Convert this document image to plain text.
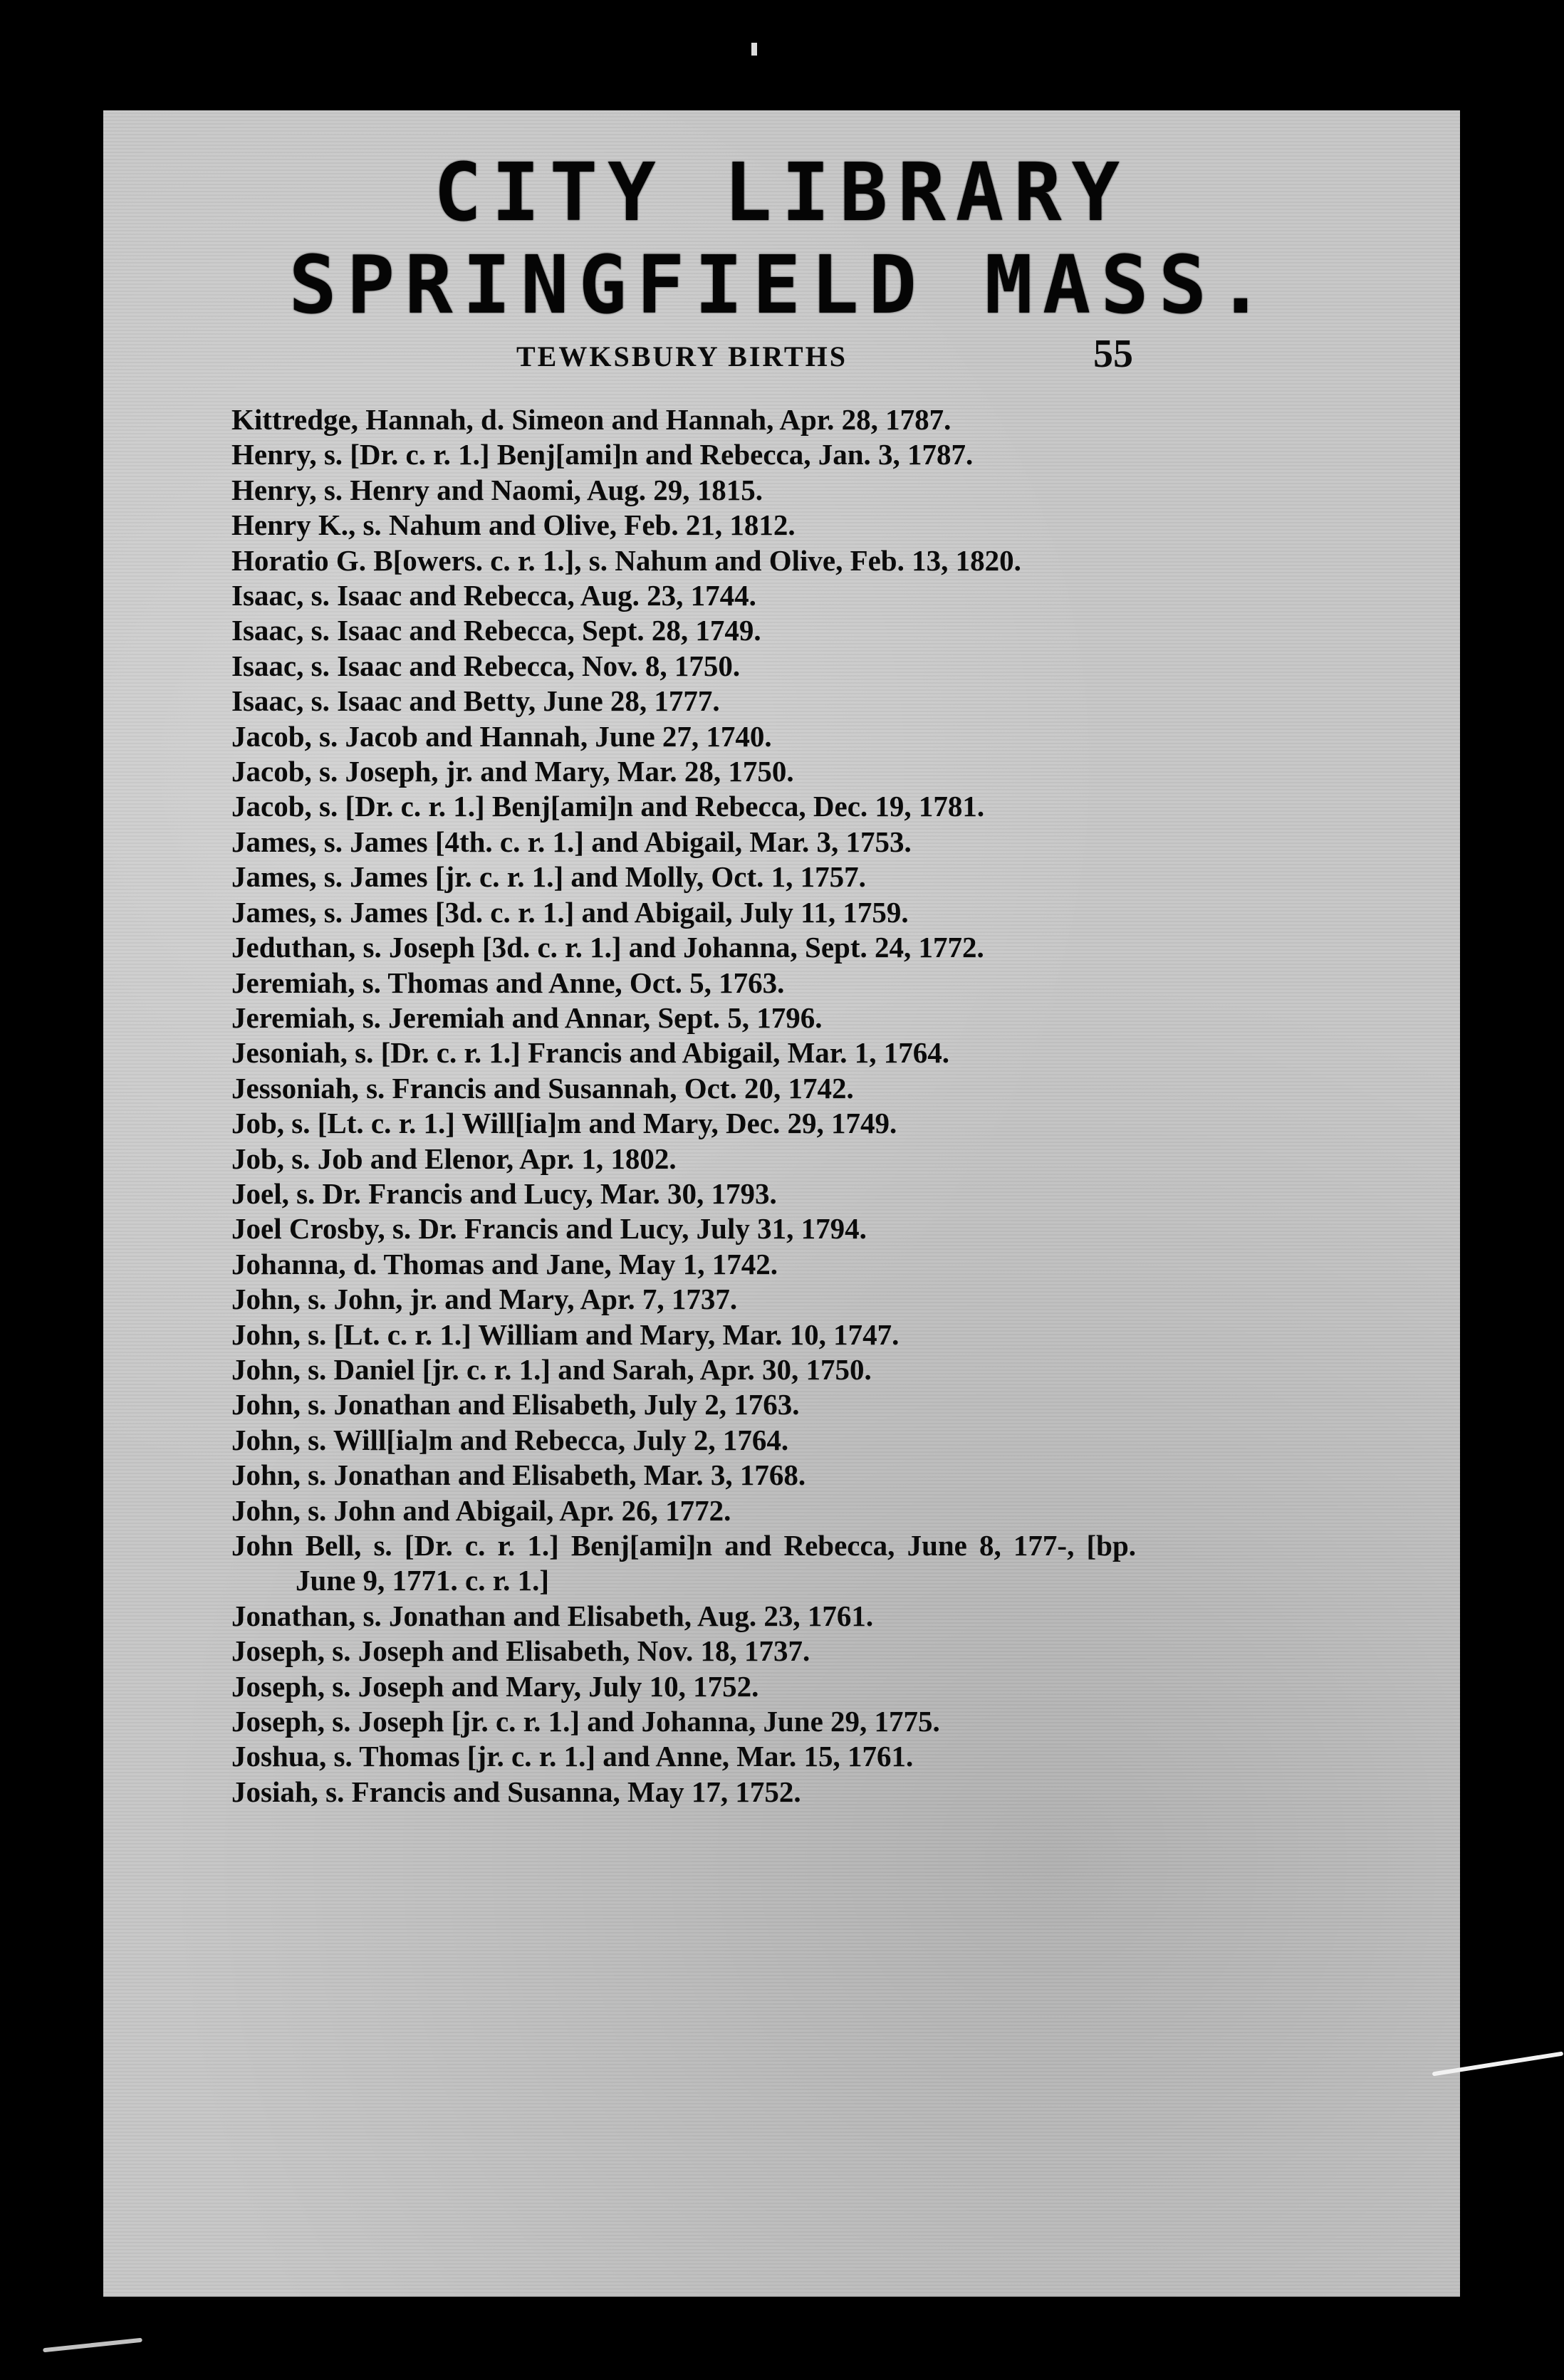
CITY LIBRARY
SPRINGFIELD MASS.
TEWKSBURY BIRTHS	55
Kittredge, Hannah, d. Simeon and Hannah, Apr. 28, 1787.
Henry, s. [Dr. c. r. 1.] Benj[ami]n and Rebecca, Jan. 3, 1787.
Henry, s. Henry and Naomi, Aug. 29, 1815.
Henry K., s. Nahum and Olive, Feb. 21, 1812.
Horatio G. B[owers. c. r. 1.], s. Nahum and Olive, Feb. 13, 1820.
Isaac, s. Isaac and Rebecca, Aug. 23, 1744.
Isaac, s. Isaac and Rebecca, Sept. 28, 1749.
Isaac, s. Isaac and Rebecca, Nov. 8, 1750.
Isaac, s. Isaac and Betty, June 28, 1777.
Jacob, s. Jacob and Hannah, June 27, 1740.
Jacob, s. Joseph, jr. and Mary, Mar. 28, 1750.
Jacob, s. [Dr. c. r. 1.] Benj[ami]n and Rebecca, Dec. 19, 1781.
James, s. James [4th. c. r. 1.] and Abigail, Mar. 3, 1753.
James, s. James [jr. c. r. 1.] and Molly, Oct. 1, 1757.
James, s. James [3d. c. r. 1.] and Abigail, July 11, 1759.
Jeduthan, s. Joseph [3d. c. r. 1.] and Johanna, Sept. 24, 1772.
Jeremiah, s. Thomas and Anne, Oct. 5, 1763.
Jeremiah, s. Jeremiah and Annar, Sept. 5, 1796.
Jesoniah, s. [Dr. c. r. 1.] Francis and Abigail, Mar. 1, 1764.
Jessoniah, s. Francis and Susannah, Oct. 20, 1742.
Job, s. [Lt. c. r. 1.] Will[ia]m and Mary, Dec. 29, 1749.
Job, s. Job and Elenor, Apr. 1, 1802.
Joel, s. Dr. Francis and Lucy, Mar. 30, 1793.
Joel Crosby, s. Dr. Francis and Lucy, July 31, 1794.
Johanna, d. Thomas and Jane, May 1, 1742.
John, s. John, jr. and Mary, Apr. 7, 1737.
John, s. [Lt. c. r. 1.] William and Mary, Mar. 10, 1747.
John, s. Daniel [jr. c. r. 1.] and Sarah, Apr. 30, 1750.
John, s. Jonathan and Elisabeth, July 2, 1763.
John, s. Will[ia]m and Rebecca, July 2, 1764.
John, s. Jonathan and Elisabeth, Mar. 3, 1768.
John, s. John and Abigail, Apr. 26, 1772.
John Bell, s. [Dr. c. r. 1.] Benj[ami]n and Rebecca, June 8, 177-, [bp. June 9, 1771. c. r. 1.]
Jonathan, s. Jonathan and Elisabeth, Aug. 23, 1761.
Joseph, s. Joseph and Elisabeth, Nov. 18, 1737.
Joseph, s. Joseph and Mary, July 10, 1752.
Joseph, s. Joseph [jr. c. r. 1.] and Johanna, June 29, 1775.
Joshua, s. Thomas [jr. c. r. 1.] and Anne, Mar. 15, 1761.
Josiah, s. Francis and Susanna, May 17, 1752.
